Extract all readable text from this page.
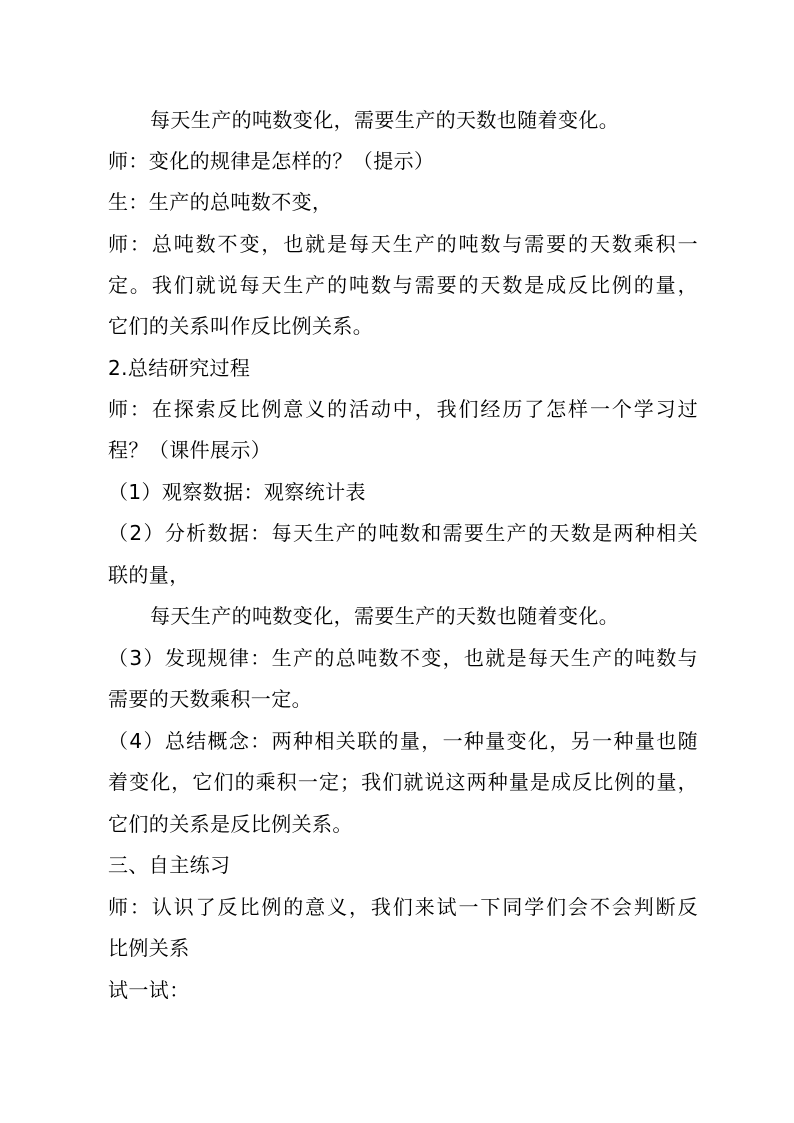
每天生产的吨数变化，需要生产的天数也随着变化。
师：变化的规律是怎样的？（提示）
生：生产的总吨数不变，
师：总吨数不变，也就是每天生产的吨数与需要的天数乘积一
定。我们就说每天生产的吨数与需要的天数是成反比例的量，
它们的关系叫作反比例关系。
2.总结研究过程
师：在探索反比例意义的活动中，我们经历了怎样一个学习过
程？（课件展示）
（1）观察数据：观察统计表
（2）分析数据：每天生产的吨数和需要生产的天数是两种相关
联的量，
每天生产的吨数变化，需要生产的天数也随着变化。
（3）发现规律：生产的总吨数不变，也就是每天生产的吨数与
需要的天数乘积一定。
（4）总结概念：两种相关联的量，一种量变化，另一种量也随
着变化，它们的乘积一定；我们就说这两种量是成反比例的量，
它们的关系是反比例关系。
三、自主练习
师：认识了反比例的意义，我们来试一下同学们会不会判断反
比例关系
试一试：
